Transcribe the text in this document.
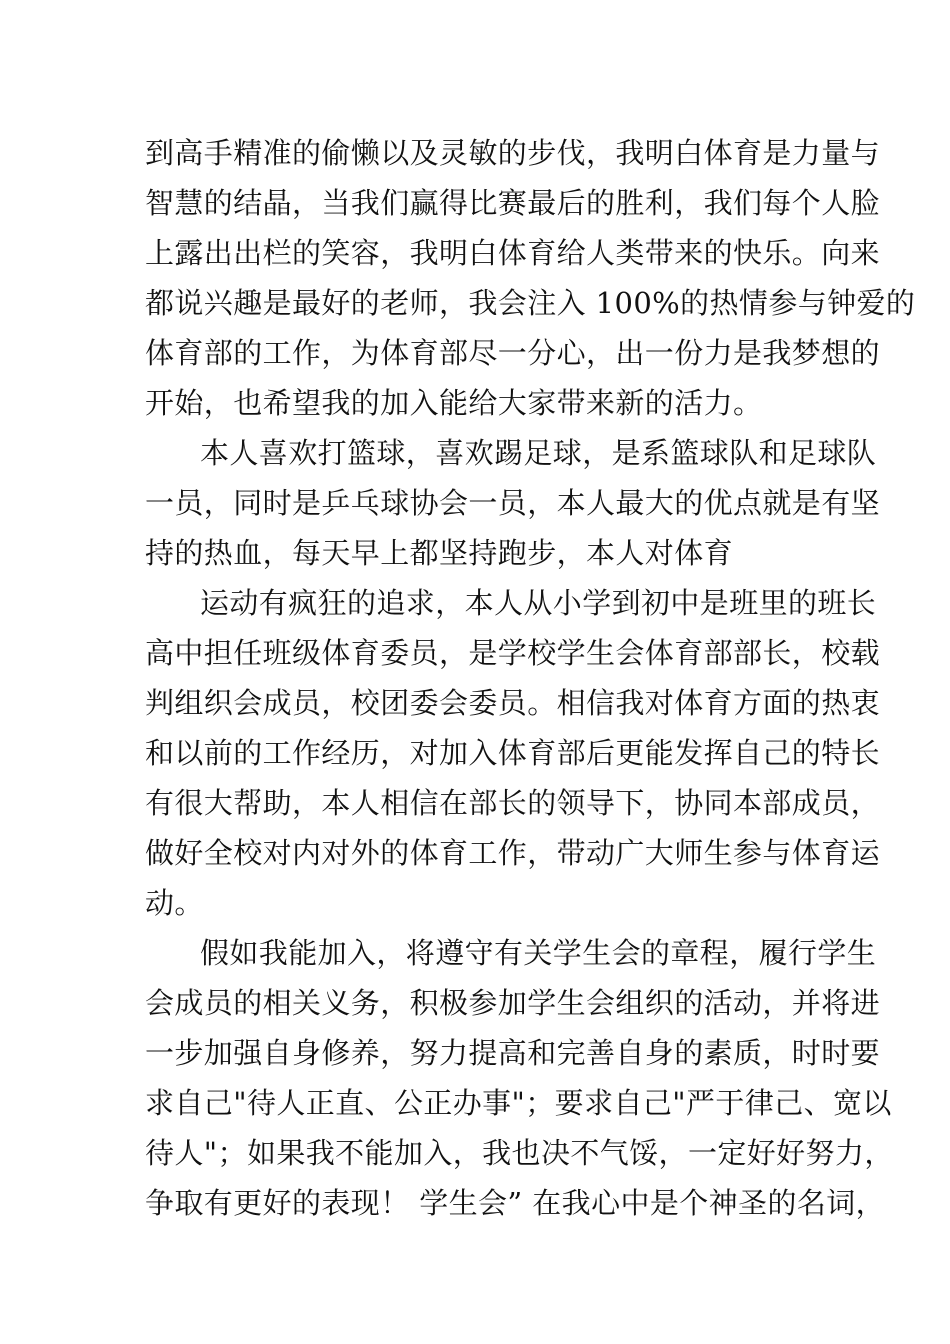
到高手精准的偷懒以及灵敏的步伐，我明白体育是力量与
智慧的结晶，当我们赢得比赛最后的胜利，我们每个人脸
上露出出栏的笑容，我明白体育给人类带来的快乐。向来
都说兴趣是最好的老师，我会注入 100%的热情参与钟爱的
体育部的工作，为体育部尽一分心，出一份力是我梦想的
开始，也希望我的加入能给大家带来新的活力。
本人喜欢打篮球，喜欢踢足球，是系篮球队和足球队
一员，同时是乒乓球协会一员，本人最大的优点就是有坚
持的热血，每天早上都坚持跑步，本人对体育
运动有疯狂的追求，本人从小学到初中是班里的班长
高中担任班级体育委员，是学校学生会体育部部长，校载
判组织会成员，校团委会委员。相信我对体育方面的热衷
和以前的工作经历，对加入体育部后更能发挥自己的特长
有很大帮助，本人相信在部长的领导下，协同本部成员，
做好全校对内对外的体育工作，带动广大师生参与体育运
动。
假如我能加入，将遵守有关学生会的章程，履行学生
会成员的相关义务，积极参加学生会组织的活动，并将进
一步加强自身修养，努力提高和完善自身的素质，时时要
求自己"待人正直、公正办事"；要求自己"严于律己、宽以
待人"；如果我不能加入，我也决不气馁，一定好好努力，
争取有更好的表现！ 学生会” 在我心中是个神圣的名词，
